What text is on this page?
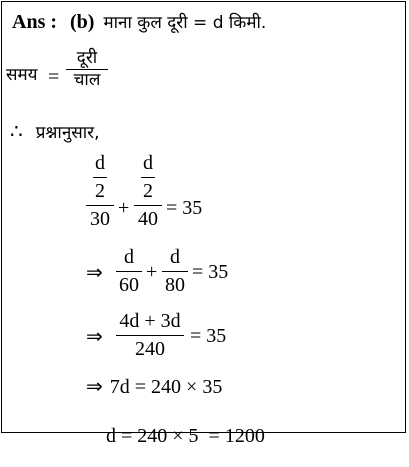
Ans : (b) माना कुल दूरी = d किमी.
समय =
दूरी
चाल
∴ प्रश्नानुसार,
d
2
30 +
d
2
40 = 35
⇒
d
60
+
d
80
= 35
⇒
4d + 3d
240
= 35
⇒ 7d = 240 × 35

d = 240 × 5  = 1200
